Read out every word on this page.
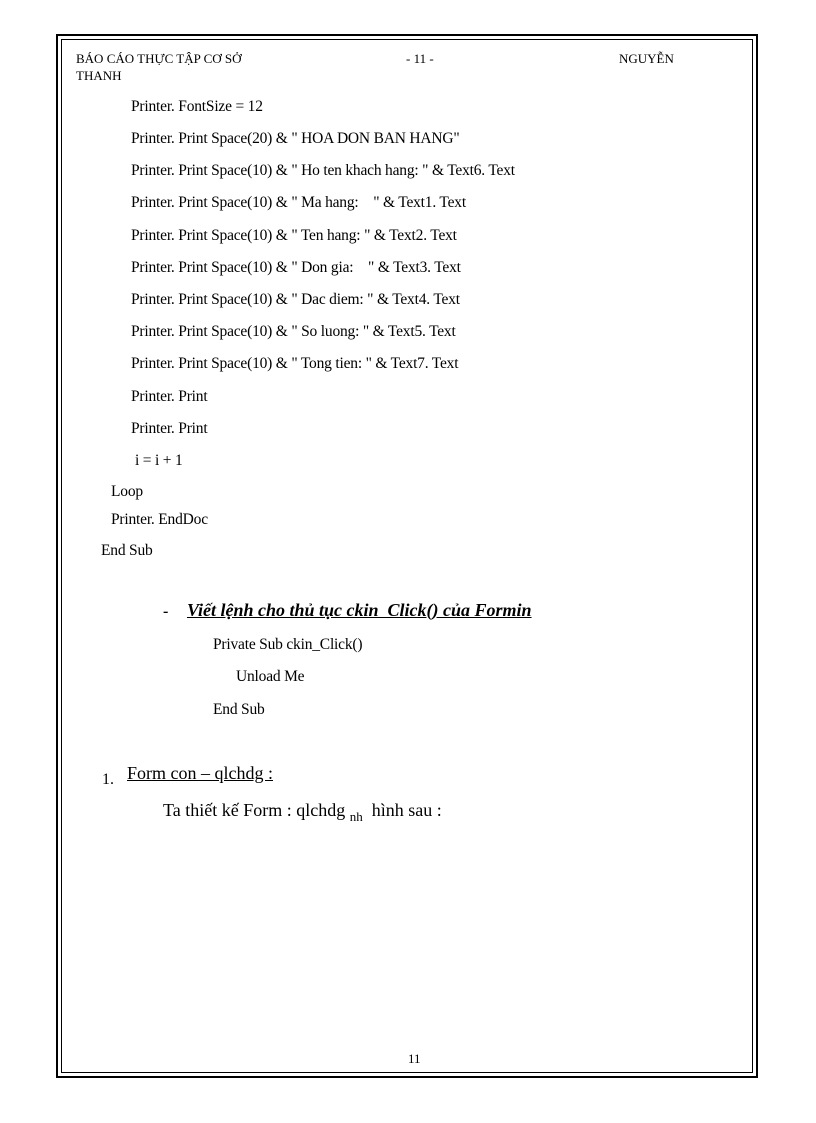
BÁO CÁO THỰC TẬP CƠ SỞ
THANH
- 11 -	NGUYỄN
Printer. FontSize = 12
Printer. Print Space(20) & " HOA DON BAN HANG"
Printer. Print Space(10) & " Ho ten khach hang: " & Text6. Text
Printer. Print Space(10) & " Ma hang:    " & Text1. Text
Printer. Print Space(10) & " Ten hang: " & Text2. Text
Printer. Print Space(10) & " Don gia:    " & Text3. Text
Printer. Print Space(10) & " Dac diem: " & Text4. Text
Printer. Print Space(10) & " So luong: " & Text5. Text
Printer. Print Space(10) & " Tong tien: " & Text7. Text
Printer. Print
Printer. Print
i = i + 1
Loop
Printer. EndDoc
End Sub
- Viết lệnh cho thủ tục ckin  Click() của Formin
Private Sub ckin_Click()
Unload Me
End Sub
1. Form con – qlchdg :
Ta thiết kế Form : qlchdg $_{nh}$ hình sau :
11
